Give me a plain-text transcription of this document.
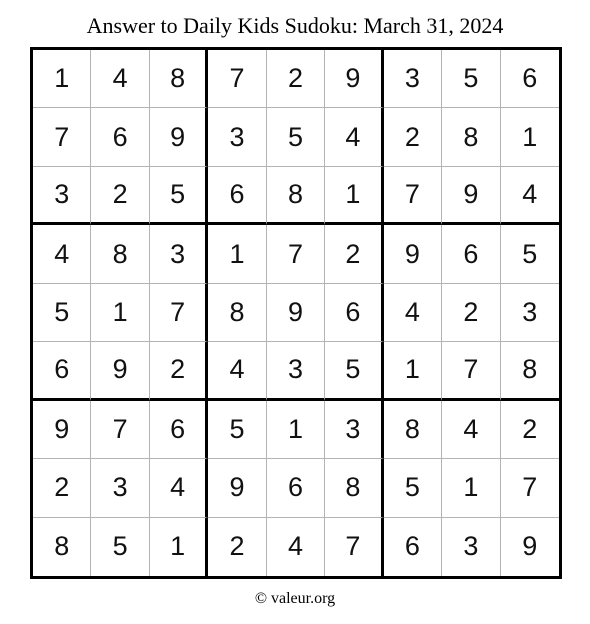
Answer to Daily Kids Sudoku: March 31, 2024
1	4	8	7	2	9	3	5	6
7	6	9	3	5	4	2	8	1
3	2	5	6	8	1	7	9	4
4	8	3	1	7	2	9	6	5
5	1	7	8	9	6	4	2	3
6	9	2	4	3	5	1	7	8
9	7	6	5	1	3	8	4	2
2	3	4	9	6	8	5	1	7
8	5	1	2	4	7	6	3	9
© valeur.org
